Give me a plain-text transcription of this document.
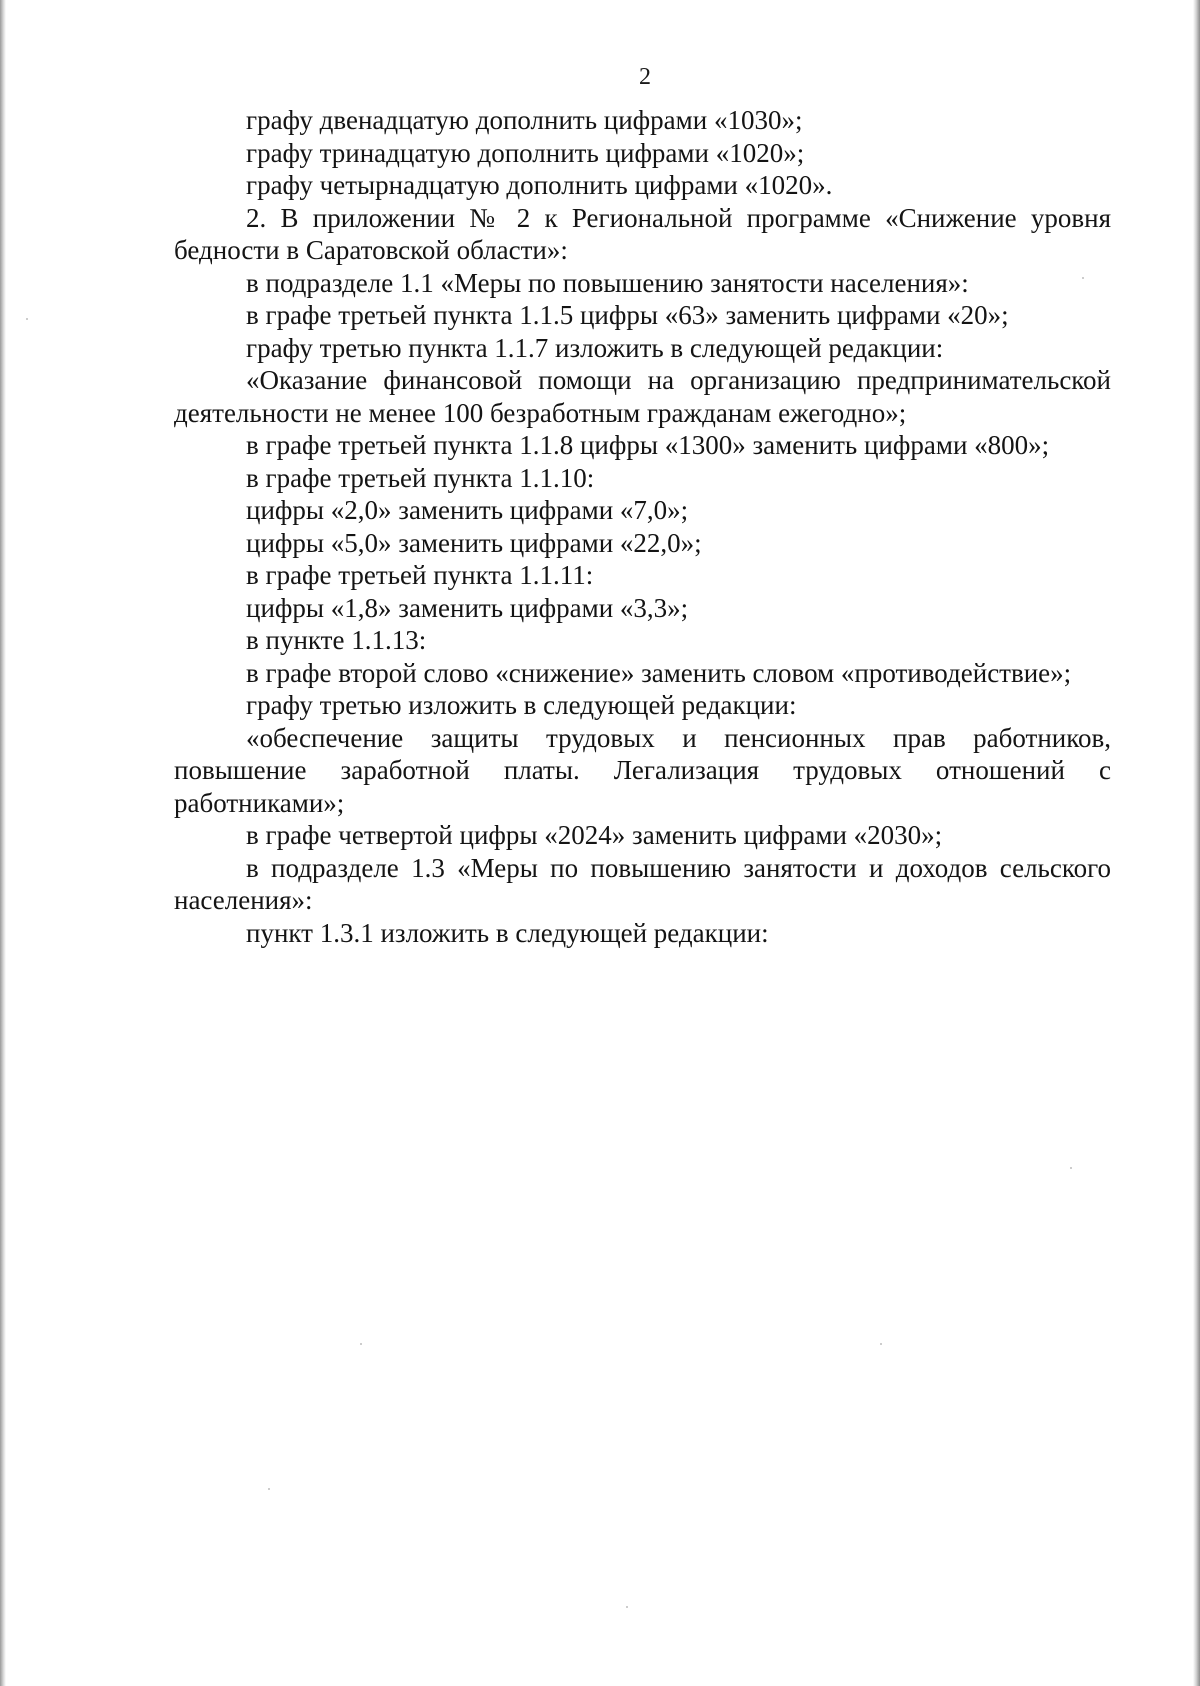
2

графу двенадцатую дополнить цифрами «1030»;

графу тринадцатую дополнить цифрами «1020»;

графу четырнадцатую дополнить цифрами «1020».

2. В приложении № 2 к Региональной программе «Снижение уровня бедности в Саратовской области»:

в подразделе 1.1 «Меры по повышению занятости населения»:

в графе третьей пункта 1.1.5 цифры «63» заменить цифрами «20»;

графу третью пункта 1.1.7 изложить в следующей редакции:

«Оказание финансовой помощи на организацию предпринимательской деятельности не менее 100 безработным гражданам ежегодно»;

в графе третьей пункта 1.1.8 цифры «1300» заменить цифрами «800»;

в графе третьей пункта 1.1.10:

цифры «2,0» заменить цифрами «7,0»;

цифры «5,0» заменить цифрами «22,0»;

в графе третьей пункта 1.1.11:

цифры «1,8» заменить цифрами «3,3»;

в пункте 1.1.13:

в графе второй слово «снижение» заменить словом «противодействие»;

графу третью изложить в следующей редакции:

«обеспечение защиты трудовых и пенсионных прав работников, повышение заработной платы. Легализация трудовых отношений с работниками»;

в графе четвертой цифры «2024» заменить цифрами «2030»;

в подразделе 1.3 «Меры по повышению занятости и доходов сельского населения»:

пункт 1.3.1 изложить в следующей редакции:
